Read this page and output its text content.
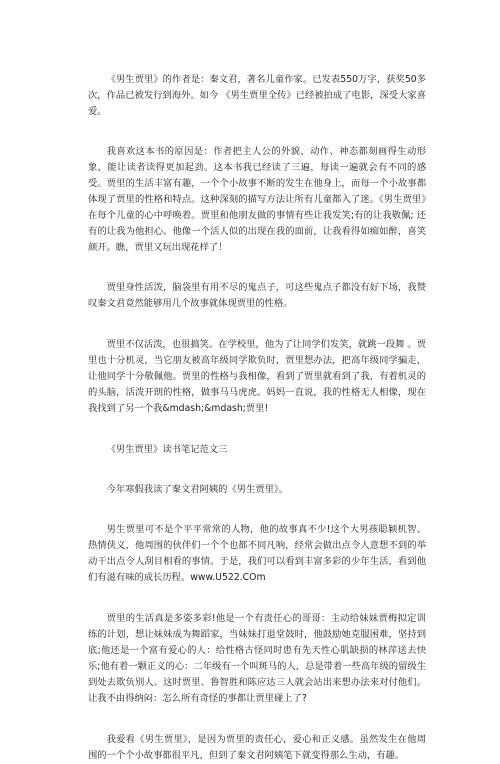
《男生贾里》的作者是：秦文君，著名儿童作家。已发表550万字，获奖50多次，作品已被发行到海外。如今 《男生贾里全传》已经被拍成了电影，深受大家喜爱。

我喜欢这本书的原因是：作者把主人公的外貌、动作、神态都刻画得生动形象，能让读者读得更加起劲。这本书我已经读了三遍，每读一遍就会有不同的感受。贾里的生活丰富有趣，一个个小故事不断的发生在他身上，而每一个小故事都体现了贾里的性格和特点。这种深刻的描写方法让所有儿童都入了迷。《男生贾里》在每个儿童的心中呼唤着。贾里和他朋友做的事情有些让我发笑;有的让我敬佩; 还有的让我为他担心。他像一个活人似的出现在我的面前，让我看得如痴如醉，喜笑颜开。瞧，贾里又玩出现花样了！

贾里身性活泼，脑袋里有用不尽的鬼点子，可这些鬼点子都没有好下场，我赞叹秦文君竟然能够用几个故事就体现贾里的性格。

贾里不仅活泼，也很搞笑。在学校里，他为了让同学们发笑，就跳一段舞 。贾里也十分机灵，当它朋友被高年级同学欺负时，贾里想办法，把高年级同学骗走，让他同学十分敬佩他。贾里的性格与我相像，看到了贾里就看到了我，有着机灵的的头脑，活泼开朗的性格，做事马马虎虎。妈妈一直说，我的性格无人相像，现在我找到了另一个我&mdash;&mdash;贾里!

《男生贾里》读书笔记范文三

今年寒假我读了秦文君阿姨的《男生贾里》。

男生贾里可不是个平平常常的人物，他的故事真不少!这个大男孩聪颖机智、热情侠义，他周围的伙伴们一个个也都不同凡响，经常会做出点令人意想不到的举动干出点令人刮目相看的事情。于是，我们可以看到丰富多彩的少年生活，看到他们有滋有味的成长历程。www.U522.COm

贾里的生活真是多姿多彩!他是一个有责任心的哥哥：主动给妹妹贾梅拟定训练的计划，想让妹妹成为舞蹈家，当妹妹打退堂鼓时，他鼓励她克服困难，坚持到底;他还是一个富有爱心的人：给性格古怪同时患有先天性心肌缺损的林萍送去快乐;他有着一颗正义的心：二年级有一个叫斑马的人，总是带着一些高年级的留级生到处去欺负别人。这时贾里、鲁智胜和陈应达三人就会站出来想办法来对付他们。让我不由得纳闷：怎么所有奇怪的事都让贾里碰上了?

我爱看《男生贾里》，是因为贾里的责任心，爱心和正义感。虽然发生在他周围的一个个小故事都很平凡，但到了秦文君阿姨笔下就变得那么生动，有趣。
